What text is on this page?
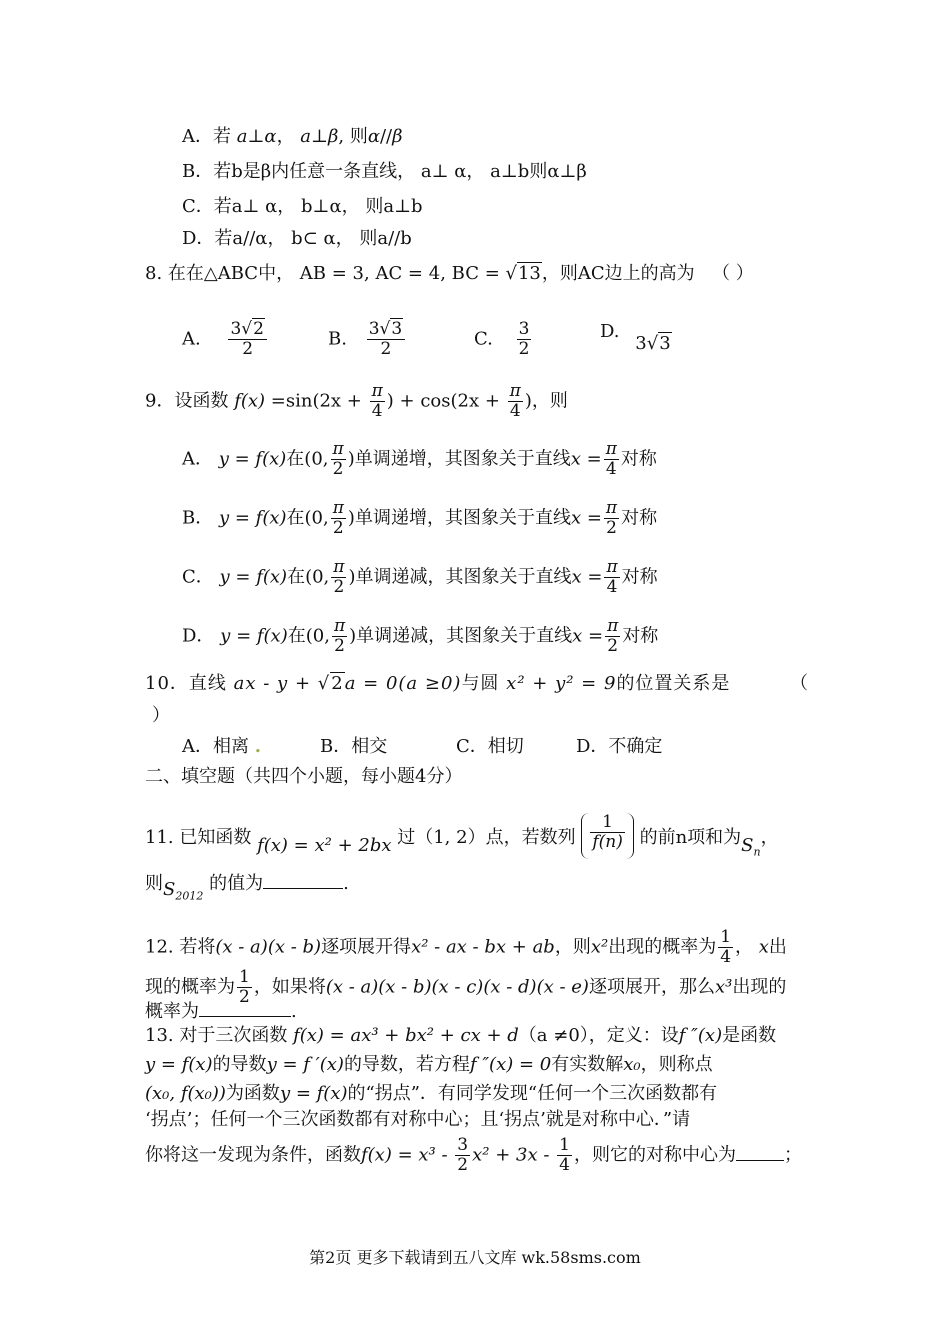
A．若 a⊥α， a⊥β, 则α//β
B．若b是β内任意一条直线， a⊥ α， a⊥b则α⊥β
C．若a⊥ α， b⊥α， 则a⊥b
D．若a//α， b⊂ α， 则a//b
8. 在在△ABC中， AB = 3, AC = 4, BC = √13，则AC边上的高为 （ ）
A. $\frac{3√2}{2}$	B. $\frac{3√3}{2}$	C. $\frac{3}{2}$	D. 3√3
9．设函数 $f(x) =\sin(2x + \frac{\pi}{4}$ ) + $\cos(2x + \frac{\pi}{4}$ )，则
A． y = f(x)在(0, $\frac{\pi}{2}$ )单调递增，其图象关于直线$x = \frac{\pi}{4}$ 对称
B． y = f(x)在(0, $\frac{\pi}{2}$ )单调递增，其图象关于直线$x = \frac{\pi}{2}$ 对称
C． y = f(x)在(0, $\frac{\pi}{2}$ )单调递减，其图象关于直线$x = \frac{\pi}{4}$ 对称
D． y = f(x)在(0, $\frac{\pi}{2}$ )单调递减，其图象关于直线$x = \frac{\pi}{2}$ 对称
10．直线 ax - y + √2a = 0(a ≥0)与圆 x² + y² = 9的位置关系是	（
）
A．相离 .	B．相交	C．相切	D．不确定
二、填空题（共四个小题，每小题4分）
11. 已知函数 f(x) = x² + 2bx 过（1, 2）点，若数列 $\frac{1}{f(n)}$ 的前n项和为$S_n$，
则$S_{2012}$ 的值为	.
12. 若将(x - a)(x - b)逐项展开得x² - ax - bx + ab，则x²出现的概率为 $\frac{1}{4}$ ， x出
现的概率为 $\frac{1}{2}$ ，如果将(x - a)(x - b)(x - c)(x - d)(x - e)逐项展开，那么x³出现的
概率为	.
13. 对于三次函数 f(x) = ax³ + bx² + cx + d（a ≠0），定义：设f ″(x)是函数
y = f(x)的导数y = f ′(x)的导数，若方程f ″(x) = 0有实数解x₀，则称点
(x₀, f(x₀))为函数y = f(x)的“拐点”．有同学发现“任何一个三次函数都有
‘拐点’；任何一个三次函数都有对称中心；且‘拐点’就是对称中心．”请
你将这一发现为条件，函数$f(x) = x^3 - \frac{3}{2} x^2 + 3x - \frac{1}{4}$ ，则它的对称中心为	；
第2页 更多下载请到五八文库 wk.58sms.com
